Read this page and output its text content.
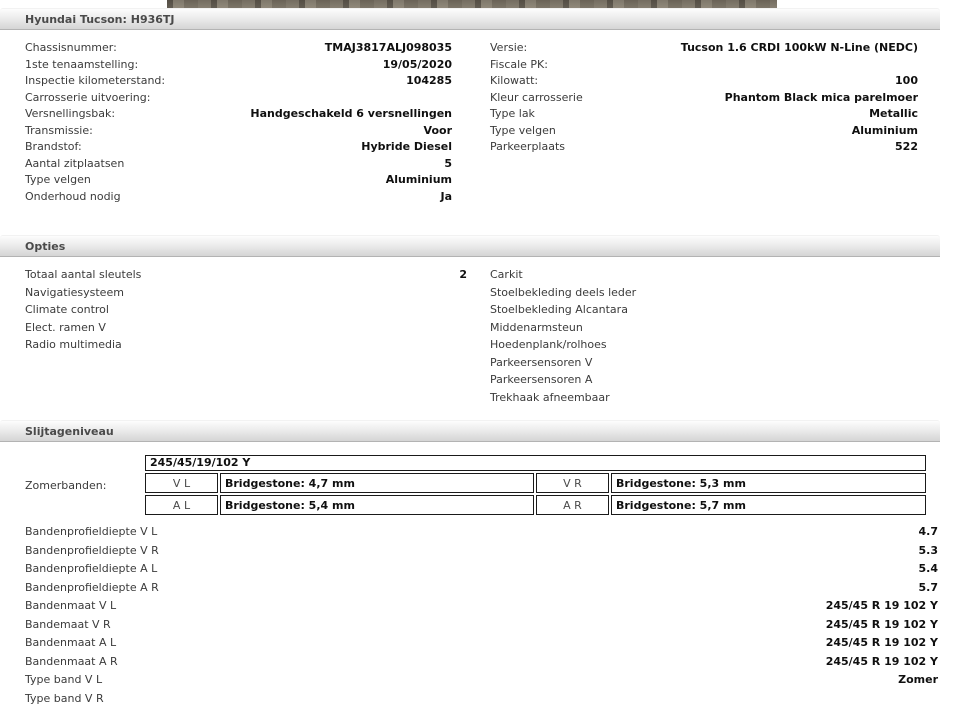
Hyundai Tucson: H936TJ
Chassisnummer:	TMAJ3817ALJ098035
1ste tenaamstelling:	19/05/2020
Inspectie kilometerstand:	104285
Carrosserie uitvoering:
Versnellingsbak:	Handgeschakeld 6 versnellingen
Transmissie:	Voor
Brandstof:	Hybride Diesel
Aantal zitplaatsen	5
Type velgen	Aluminium
Onderhoud nodig	Ja
Versie:	Tucson 1.6 CRDI 100kW N-Line (NEDC)
Fiscale PK:
Kilowatt:	100
Kleur carrosserie	Phantom Black mica parelmoer
Type lak	Metallic
Type velgen	Aluminium
Parkeerplaats	522
Opties
Totaal aantal sleutels	2
Navigatiesysteem
Climate control
Elect. ramen V
Radio multimedia
Carkit
Stoelbekleding deels leder
Stoelbekleding Alcantara
Middenarmsteun
Hoedenplank/rolhoes
Parkeersensoren V
Parkeersensoren A
Trekhaak afneembaar
Slijtageniveau
Zomerbanden:
245/45/19/102 Y
V L	Bridgestone: 4,7 mm	V R	Bridgestone: 5,3 mm
A L	Bridgestone: 5,4 mm	A R	Bridgestone: 5,7 mm
Bandenprofieldiepte V L	4.7
Bandenprofieldiepte V R	5.3
Bandenprofieldiepte A L	5.4
Bandenprofieldiepte A R	5.7
Bandenmaat V L	245/45 R 19 102 Y
Bandemaat V R	245/45 R 19 102 Y
Bandenmaat A L	245/45 R 19 102 Y
Bandenmaat A R	245/45 R 19 102 Y
Type band V L	Zomer
Type band V R
